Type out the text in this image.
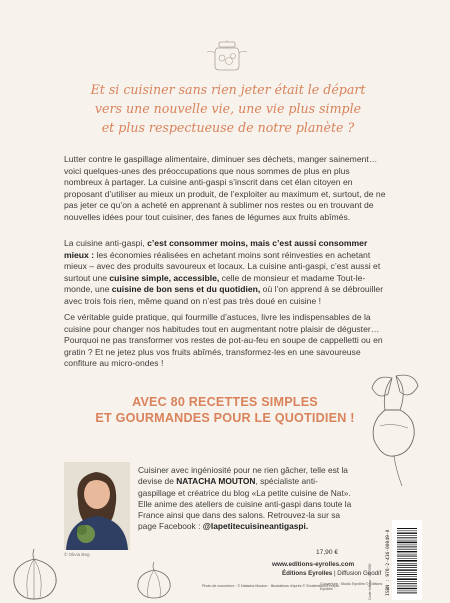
Et si cuisiner sans rien jeter était le départ
vers une nouvelle vie, une vie plus simple
et plus respectueuse de notre planète ?

Lutter contre le gaspillage alimentaire, diminuer ses déchets, manger sainement… voici quelques-unes des préoccupations que nous sommes de plus en plus nombreux à partager. La cuisine anti-gaspi s’inscrit dans cet élan citoyen en proposant d’utiliser au mieux un produit, de l’exploiter au maximum et, surtout, de ne pas jeter ce qu’on a acheté en apprenant à sublimer nos restes ou en trouvant de nouvelles idées pour tout cuisiner, des fanes de légumes aux fruits abîmés.

La cuisine anti-gaspi, c’est consommer moins, mais c’est aussi consommer mieux : les économies réalisées en achetant moins sont réinvesties en achetant mieux – avec des produits savoureux et locaux. La cuisine anti-gaspi, c’est aussi et surtout une cuisine simple, accessible, celle de monsieur et madame Tout-le-monde, une cuisine de bon sens et du quotidien, où l’on apprend à se débrouiller avec trois fois rien, même quand on n’est pas très doué en cuisine !

Ce véritable guide pratique, qui fourmille d’astuces, livre les indispensables de la cuisine pour changer nos habitudes tout en augmentant notre plaisir de déguster… Pourquoi ne pas transformer vos restes de pot-au-feu en soupe de cappelletti ou en gratin ? Et ne jetez plus vos fruits abîmés, transformez-les en une savoureuse confiture au micro-ondes !

AVEC 80 RECETTES SIMPLES
ET GOURMANDES POUR LE QUOTIDIEN !
© Olivia Beg

Cuisiner avec ingéniosité pour ne rien gâcher, telle est la devise de NATACHA MOUTON, spécialiste anti-gaspillage et créatrice du blog «La petite cuisine de Nat». Elle anime des ateliers de cuisine anti-gaspi dans toute la France ainsi que dans des salons. Retrouvez-la sur sa page Facebook : @lapetitecuisineantigaspi.

17,90 €
www.editions-eyrolles.com
Éditions Eyrolles | Diffusion Geodif
Photo de couverture : © Natacha Mouton · Illustrations d’après © Shutterstock/Freepik
Couverture : Studio Eyrolles © Éditions Eyrolles	Code éditeur : G57050	ISBN : 978-2-416-00049-0
